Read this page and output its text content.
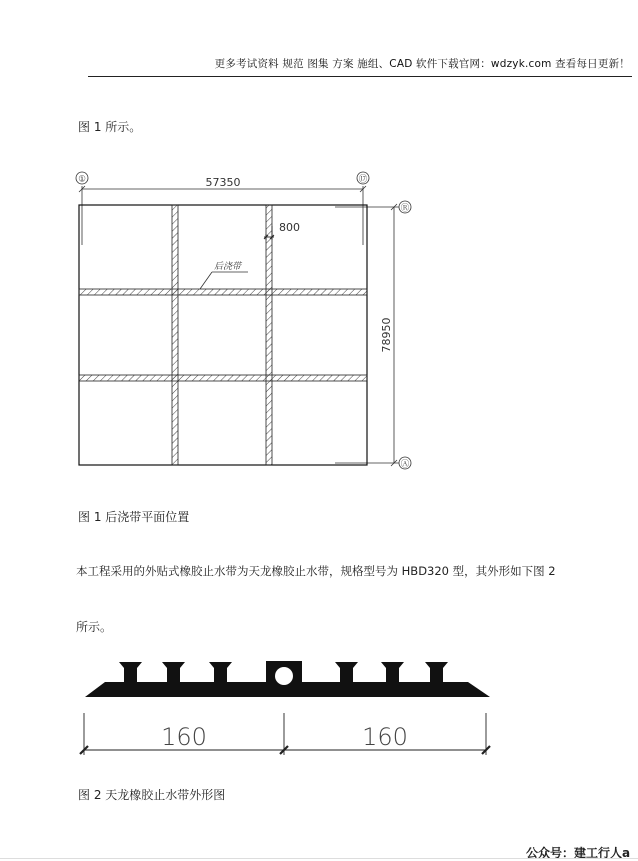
更多考试资料 规范 图集 方案 施组、CAD 软件下载官网：wdzyk.com 查看每日更新！
图 1 所示。
①	⑰
Ⓡ
Ⓐ
57350
78950
800
后浇带
图 1 后浇带平面位置
本工程采用的外贴式橡胶止水带为天龙橡胶止水带，规格型号为 HBD320 型，其外形如下图 2
所示。
160	160
图 2 天龙橡胶止水带外形图
公众号：建工行人a
